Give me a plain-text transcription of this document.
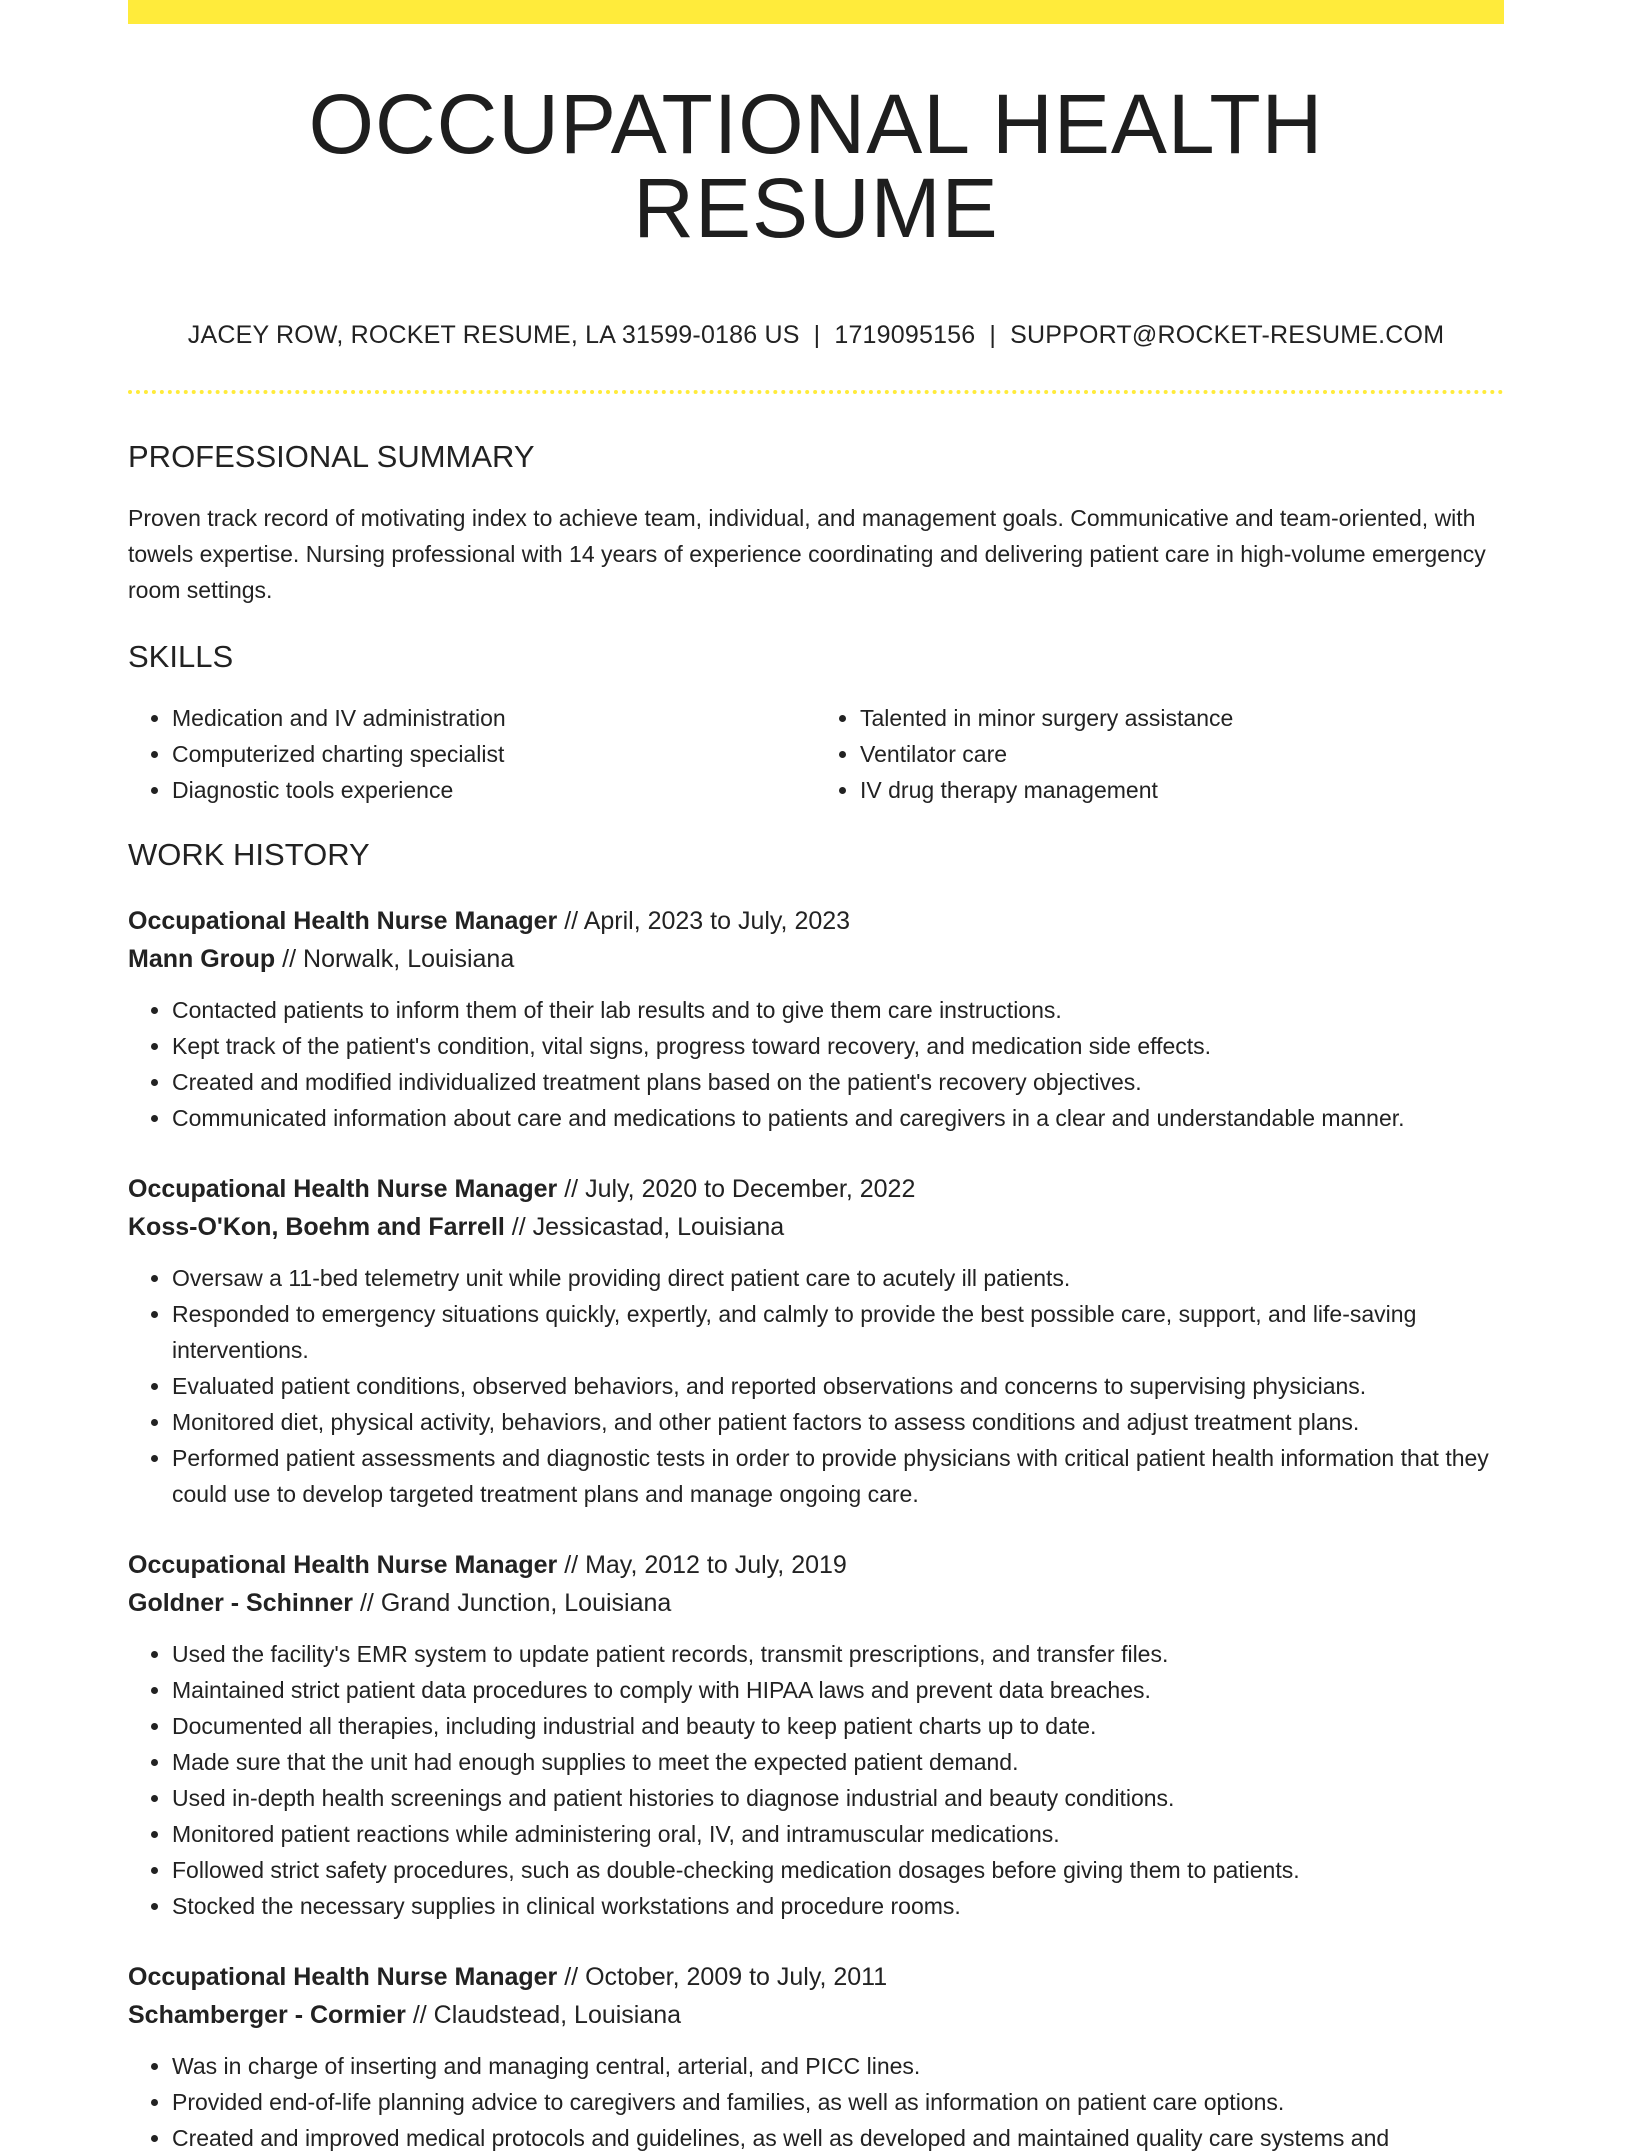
OCCUPATIONAL HEALTH RESUME
JACEY ROW, ROCKET RESUME, LA 31599-0186 US | 1719095156 | SUPPORT@ROCKET-RESUME.COM
PROFESSIONAL SUMMARY

Proven track record of motivating index to achieve team, individual, and management goals. Communicative and team-oriented, with towels expertise. Nursing professional with 14 years of experience coordinating and delivering patient care in high-volume emergency room settings.

SKILLS
• Medication and IV administration
• Computerized charting specialist
• Diagnostic tools experience
• Talented in minor surgery assistance
• Ventilator care
• IV drug therapy management
WORK HISTORY
Occupational Health Nurse Manager // April, 2023 to July, 2023
Mann Group // Norwalk, Louisiana
• Contacted patients to inform them of their lab results and to give them care instructions.
• Kept track of the patient's condition, vital signs, progress toward recovery, and medication side effects.
• Created and modified individualized treatment plans based on the patient's recovery objectives.
• Communicated information about care and medications to patients and caregivers in a clear and understandable manner.
Occupational Health Nurse Manager // July, 2020 to December, 2022
Koss-O'Kon, Boehm and Farrell // Jessicastad, Louisiana
• Oversaw a 11-bed telemetry unit while providing direct patient care to acutely ill patients.
• Responded to emergency situations quickly, expertly, and calmly to provide the best possible care, support, and life-saving interventions.
• Evaluated patient conditions, observed behaviors, and reported observations and concerns to supervising physicians.
• Monitored diet, physical activity, behaviors, and other patient factors to assess conditions and adjust treatment plans.
• Performed patient assessments and diagnostic tests in order to provide physicians with critical patient health information that they could use to develop targeted treatment plans and manage ongoing care.
Occupational Health Nurse Manager // May, 2012 to July, 2019
Goldner - Schinner // Grand Junction, Louisiana
• Used the facility's EMR system to update patient records, transmit prescriptions, and transfer files.
• Maintained strict patient data procedures to comply with HIPAA laws and prevent data breaches.
• Documented all therapies, including industrial and beauty to keep patient charts up to date.
• Made sure that the unit had enough supplies to meet the expected patient demand.
• Used in-depth health screenings and patient histories to diagnose industrial and beauty conditions.
• Monitored patient reactions while administering oral, IV, and intramuscular medications.
• Followed strict safety procedures, such as double-checking medication dosages before giving them to patients.
• Stocked the necessary supplies in clinical workstations and procedure rooms.
Occupational Health Nurse Manager // October, 2009 to July, 2011
Schamberger - Cormier // Claudstead, Louisiana
• Was in charge of inserting and managing central, arterial, and PICC lines.
• Provided end-of-life planning advice to caregivers and families, as well as information on patient care options.
• Created and improved medical protocols and guidelines, as well as developed and maintained quality care systems and
